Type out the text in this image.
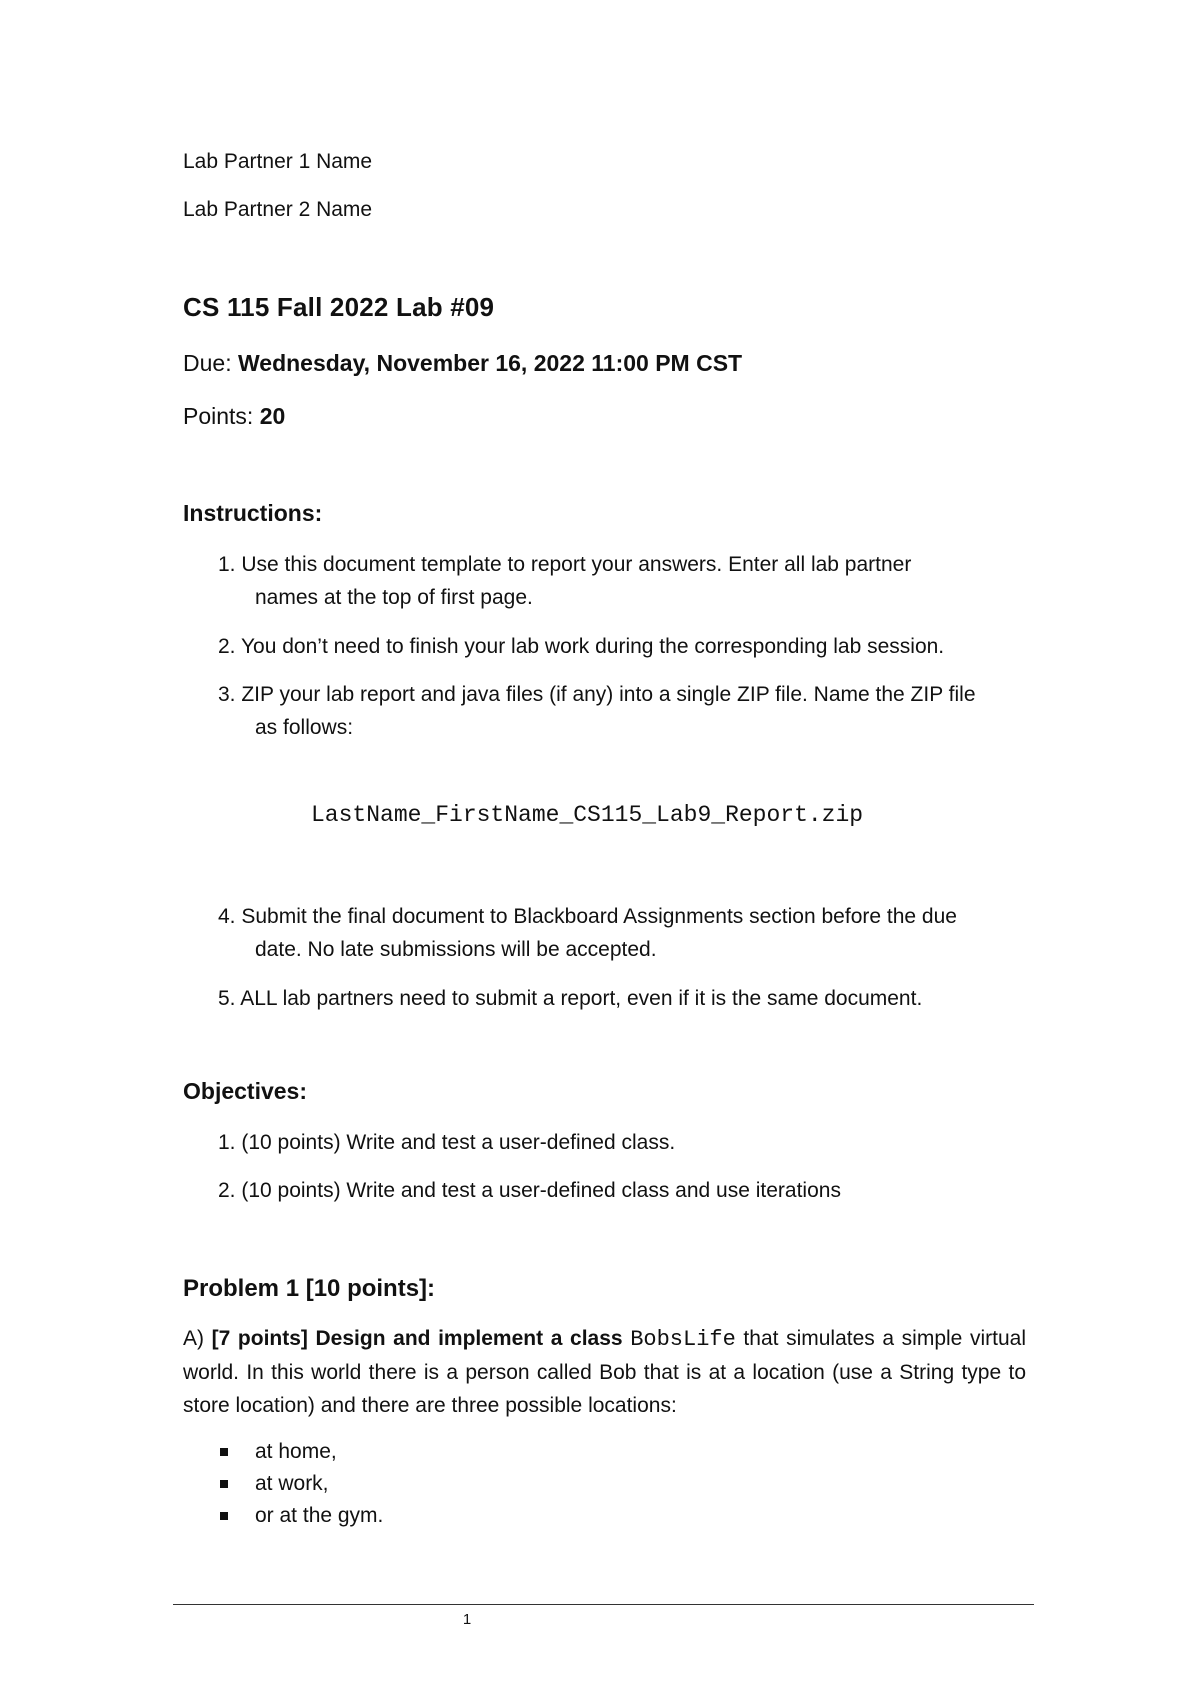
Lab Partner 1 Name
Lab Partner 2 Name
CS 115 Fall 2022 Lab #09
Due: Wednesday, November 16, 2022 11:00 PM CST
Points: 20
Instructions:
1. Use this document template to report your answers. Enter all lab partner
names at the top of first page.
2. You don’t need to finish your lab work during the corresponding lab session.
3. ZIP your lab report and java files (if any) into a single ZIP file. Name the ZIP file
as follows:
LastName_FirstName_CS115_Lab9_Report.zip
4. Submit the final document to Blackboard Assignments section before the due
date. No late submissions will be accepted.
5. ALL lab partners need to submit a report, even if it is the same document.
Objectives:
1. (10 points) Write and test a user-defined class.
2. (10 points) Write and test a user-defined class and use iterations
Problem 1 [10 points]:
A) [7 points] Design and implement a class BobsLife that simulates a simple virtual world. In this world there is a person called Bob that is at a location (use a String type to store location) and there are three possible locations:
at home,
at work,
or at the gym.
1
